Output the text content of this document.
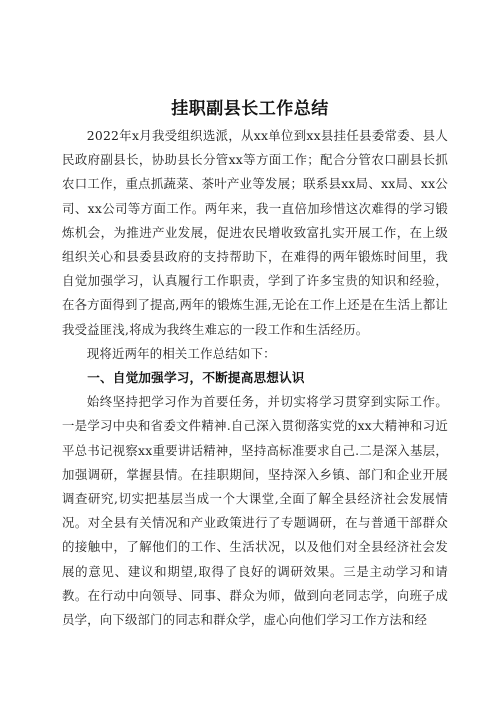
挂职副县长工作总结

2022年x月我受组织选派，从xx单位到xx县挂任县委常委、县人民政府副县长，协助县长分管xx等方面工作；配合分管农口副县长抓农口工作，重点抓蔬菜、茶叶产业等发展；联系县xx局、xx局、xx公司、xx公司等方面工作。两年来，我一直倍加珍惜这次难得的学习锻炼机会，为推进产业发展，促进农民增收致富扎实开展工作，在上级组织关心和县委县政府的支持帮助下，在难得的两年锻炼时间里，我自觉加强学习，认真履行工作职责，学到了许多宝贵的知识和经验，在各方面得到了提高,两年的锻炼生涯,无论在工作上还是在生活上都让我受益匪浅,将成为我终生难忘的一段工作和生活经历。

现将近两年的相关工作总结如下：

一、自觉加强学习，不断提高思想认识

始终坚持把学习作为首要任务，并切实将学习贯穿到实际工作。一是学习中央和省委文件精神.自己深入贯彻落实党的xx大精神和习近平总书记视察xx重要讲话精神，坚持高标准要求自己.二是深入基层，加强调研，掌握县情。在挂职期间，坚持深入乡镇、部门和企业开展调查研究,切实把基层当成一个大课堂,全面了解全县经济社会发展情况。对全县有关情况和产业政策进行了专题调研，在与普通干部群众的接触中，了解他们的工作、生活状况，以及他们对全县经济社会发展的意见、建议和期望,取得了良好的调研效果。三是主动学习和请教。在行动中向领导、同事、群众为师，做到向老同志学，向班子成员学，向下级部门的同志和群众学，虚心向他们学习工作方法和经
